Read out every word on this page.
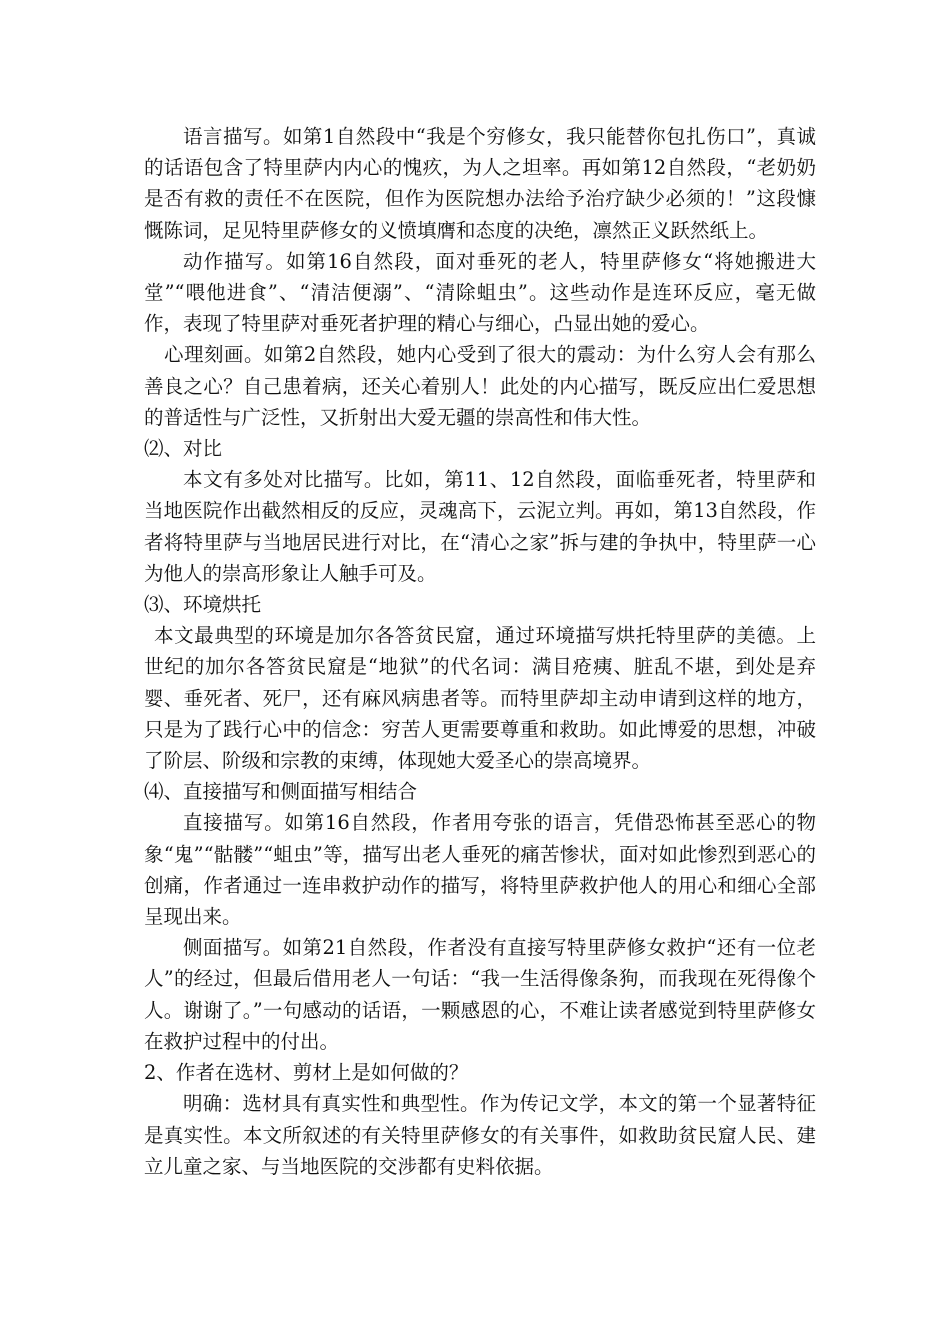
语言描写。如第1自然段中“我是个穷修女，我只能替你包扎伤口”，真诚的话语包含了特里萨内内心的愧疚，为人之坦率。再如第12自然段，“老奶奶是否有救的责任不在医院，但作为医院想办法给予治疗缺少必须的！”这段慷慨陈词，足见特里萨修女的义愤填膺和态度的决绝，凛然正义跃然纸上。

动作描写。如第16自然段，面对垂死的老人，特里萨修女“将她搬进大堂”“喂他进食”、“清洁便溺”、“清除蛆虫”。这些动作是连环反应，毫无做作，表现了特里萨对垂死者护理的精心与细心，凸显出她的爱心。

心理刻画。如第2自然段，她内心受到了很大的震动：为什么穷人会有那么善良之心？自己患着病，还关心着别人！此处的内心描写，既反应出仁爱思想的普适性与广泛性，又折射出大爱无疆的崇高性和伟大性。

⑵、对比

本文有多处对比描写。比如，第11、12自然段，面临垂死者，特里萨和当地医院作出截然相反的反应，灵魂高下，云泥立判。再如，第13自然段，作者将特里萨与当地居民进行对比，在“清心之家”拆与建的争执中，特里萨一心为他人的崇高形象让人触手可及。

⑶、环境烘托

本文最典型的环境是加尔各答贫民窟，通过环境描写烘托特里萨的美德。上世纪的加尔各答贫民窟是“地狱”的代名词：满目疮痍、脏乱不堪，到处是弃婴、垂死者、死尸，还有麻风病患者等。而特里萨却主动申请到这样的地方，只是为了践行心中的信念：穷苦人更需要尊重和救助。如此博爱的思想，冲破了阶层、阶级和宗教的束缚，体现她大爱圣心的崇高境界。

⑷、直接描写和侧面描写相结合

直接描写。如第16自然段，作者用夸张的语言，凭借恐怖甚至恶心的物象“鬼”“骷髅”“蛆虫”等，描写出老人垂死的痛苦惨状，面对如此惨烈到恶心的创痛，作者通过一连串救护动作的描写，将特里萨救护他人的用心和细心全部呈现出来。

侧面描写。如第21自然段，作者没有直接写特里萨修女救护“还有一位老人”的经过，但最后借用老人一句话：“我一生活得像条狗，而我现在死得像个人。谢谢了。”一句感动的话语，一颗感恩的心，不难让读者感觉到特里萨修女在救护过程中的付出。

2、作者在选材、剪材上是如何做的？

明确：选材具有真实性和典型性。作为传记文学，本文的第一个显著特征是真实性。本文所叙述的有关特里萨修女的有关事件，如救助贫民窟人民、建立儿童之家、与当地医院的交涉都有史料依据。
